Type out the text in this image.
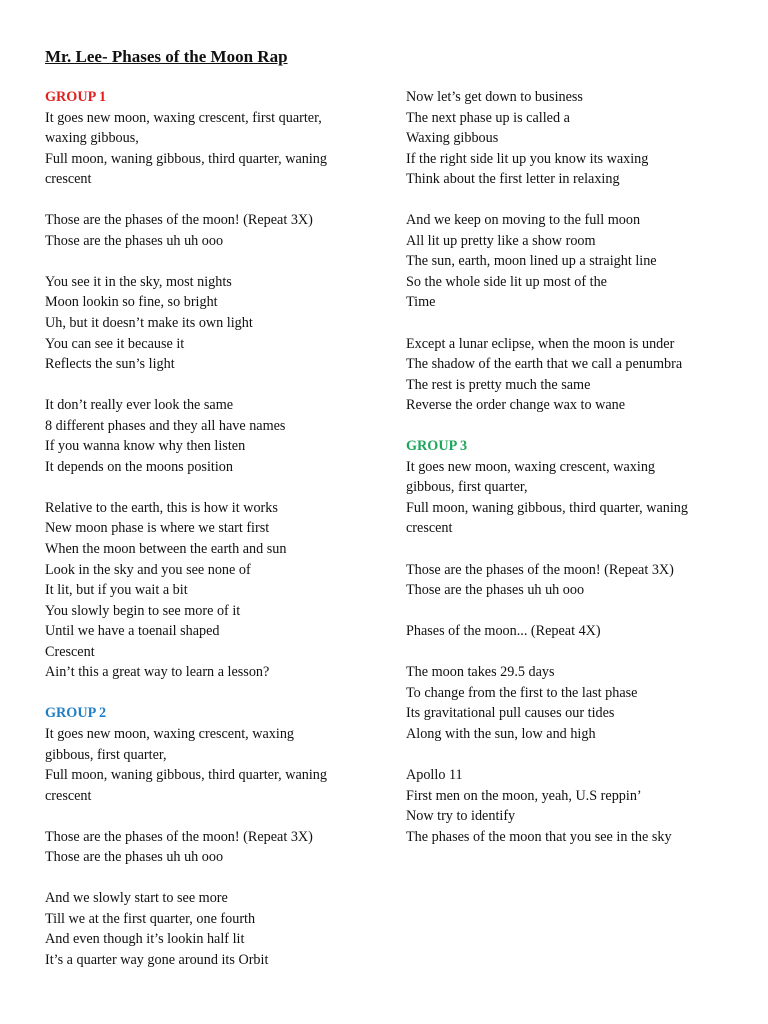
Mr. Lee- Phases of the Moon Rap
GROUP 1
It goes new moon, waxing crescent, first quarter,
waxing gibbous,
Full moon, waning gibbous, third quarter, waning
crescent
Those are the phases of the moon! (Repeat 3X)
Those are the phases uh uh ooo
You see it in the sky, most nights
Moon lookin so fine, so bright
Uh, but it doesn’t make its own light
You can see it because it
Reflects the sun’s light
It don’t really ever look the same
8 different phases and they all have names
If you wanna know why then listen
It depends on the moons position
Relative to the earth, this is how it works
New moon phase is where we start first
When the moon between the earth and sun
Look in the sky and you see none of
It lit, but if you wait a bit
You slowly begin to see more of it
Until we have a toenail shaped
Crescent
Ain’t this a great way to learn a lesson?
GROUP 2
It goes new moon, waxing crescent, waxing
gibbous, first quarter,
Full moon, waning gibbous, third quarter, waning
crescent
Those are the phases of the moon! (Repeat 3X)
Those are the phases uh uh ooo
And we slowly start to see more
Till we at the first quarter, one fourth
And even though it’s lookin half lit
It’s a quarter way gone around its Orbit
Now let’s get down to business
The next phase up is called a
Waxing gibbous
If the right side lit up you know its waxing
Think about the first letter in relaxing
And we keep on moving to the full moon
All lit up pretty like a show room
The sun, earth, moon lined up a straight line
So the whole side lit up most of the
Time
Except a lunar eclipse, when the moon is under
The shadow of the earth that we call a penumbra
The rest is pretty much the same
Reverse the order change wax to wane
GROUP 3
It goes new moon, waxing crescent, waxing
gibbous, first quarter,
Full moon, waning gibbous, third quarter, waning
crescent
Those are the phases of the moon! (Repeat 3X)
Those are the phases uh uh ooo
Phases of the moon... (Repeat 4X)
The moon takes 29.5 days
To change from the first to the last phase
Its gravitational pull causes our tides
Along with the sun, low and high
Apollo 11
First men on the moon, yeah, U.S reppin’
Now try to identify
The phases of the moon that you see in the sky
